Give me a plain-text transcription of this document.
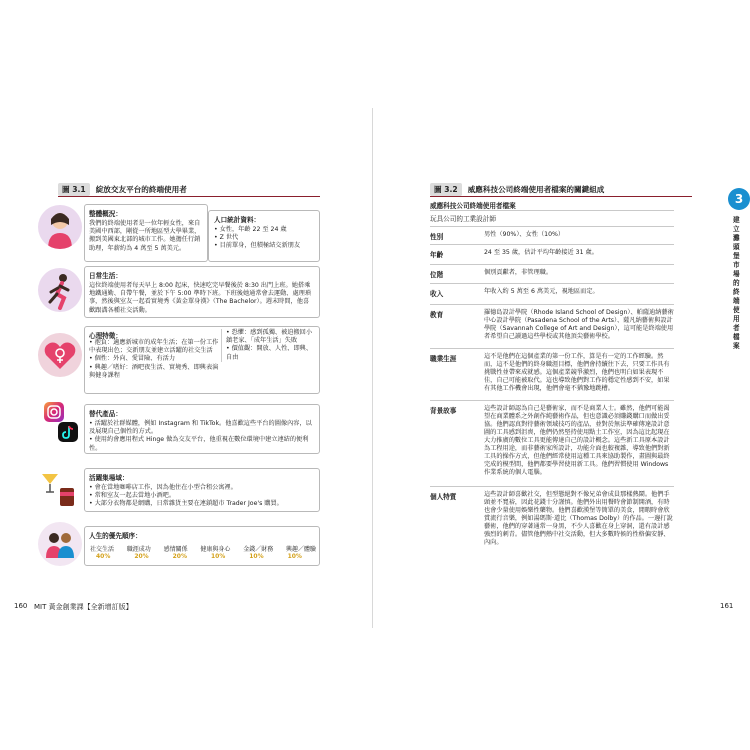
圖 3.1	綻放交友平台的終端使用者
整體概況：
我們的終端使用者是一位年輕女性，來自美國中西部，剛從一所地區型大學畢業，搬到美國東北部的城市工作。她擔任行銷助理，年薪約為 4 萬至 5 萬美元。
人口統計資料：
• 女性，年齡 22 至 24 歲
• Z 世代
• 目前單身，但積極結交新朋友
日常生活：
這位終端使用者每天早上 8:00 起床，快速吃完早餐後於 8:30 出門上班。她搭乘地鐵通勤、自帶午餐，並於下午 5:00 準時下班。下班後她通常會去運動、處理瑣事，然後與室友一起看實境秀《黃金單身漢》（The Bachelor）。週末時間，他喜歡跟溝各種社交活動。
心理特徵：
• 抱負：適應新城市的成年生活；在第一份工作中表現出色；交新朋友並建立活躍的社交生活
• 個性：外向、愛冒險、有活力
• 興趣／嗜好：酒吧夜生活、實境秀、即興表演與健身課程
• 恐懼：感到孤獨、被迫搬回小鎮老家、「成年生活」失敗
• 價值觀：開放、人性、即興、自由
替代產品：
• 活躍於社群媒體，例如 Instagram 和 TikTok。他喜歡這些平台的圖像內容，以及展現自己個性的方式。
• 使用約會應用程式 Hinge 做為交友平台，他重視在數位環境中建立連結的便利性。
活躍集場域：
• 會在當地咖啡店工作，因為他住在小型合租公寓裡。
• 常和室友一起去當地小酒吧。
• 大部分衣物都是網購，日常雜貨主要在連鎖超市 Trader Joe's 購買。
人生的優先順序：
社交生活 職涯成功 感情關係 健康與身心 金錢／財務 興趣／體驗
40%	20%	20%	10%	10%	10%
160 MIT 黃金創業課【全新增訂版】
圖 3.2	威應科技公司終端使用者檔案的關鍵組成
威應科技公司終端使用者檔案
玩具公司的工業設計師
性別	男性（90%）、女性（10%）
年齡	24 至 35 歲，估計平均年齡接近 31 歲。
位階	個別貢獻者，非管理職。
收入	年收入約 5 萬至 6 萬美元，視地區而定。
教育	羅德島設計學院（Rhode Island School of Design）、帕薩迪納藝術中心設計學院（Pasadena School of the Arts）、薩凡納藝術與設計學院（Savannah College of Art and Design），這可能是終端使用者希望自己讀過這些學校或其他頂尖藝術學校。
職業生涯	這不是他們在這個產業的第一份工作，算是有一定的工作經驗。然而，這不是他們的終身職涯目標，他們會持續往下去，只要工作具有挑戰性並帶來成就感。這個產業競爭激烈，他們也明白如果表現不佳，自己可能被取代。這也導致他們對工作的穩定性感到不安，如果有其他工作機會出現，他們會毫不猶豫地跳槽。
背景故事	這些設計師認為自己是藝術家，而不是商業人士。雖然，他們可能渴望在商業體系之外創作純藝術作品，但也意識必須賺錢購口而做出妥協。他們認真對待藝術領域技巧的產品，並對於無法準確傳達設計意圖的工具感到沮喪，他們仍然堅持使用點土工作室，因為這比起現在大力推廣的數位工具更能傳達自己的設計概念。這些新工具原本設計為工程用途，而非藝術家所設計，功能介面也較複雜，導致他們對新工具的操作方式，但他們經常使用這種工具來協助製作，畫圖與最終完成的模型間，他們都要學習使用新工具。他們習慣使用 Windows 作業系統的個人電腦。
個人特質	這些設計師喜歡社交，但型態絕對不像兄弟會成員那樣熱鬧。他們手頭並不寬裕，因此花錢十分謹慎。他們外出用餐時會節制開酒，有時也會少量使用娛樂性藥物。他們喜歡漢堡等簡單的美食，閒暇時會欣賞流行音樂，例如湯瑪斯·道比（Thomas Dolby）的作品。一邊打說藝術，他們的穿著通常一身黑，不少人喜歡在身上穿洞，還有設計感強烈的刺青。儘管他們熱中社交活動，但大多數時候的性格偏安靜、內向。
161
3
建立灘頭堡市場的終端使用者檔案
